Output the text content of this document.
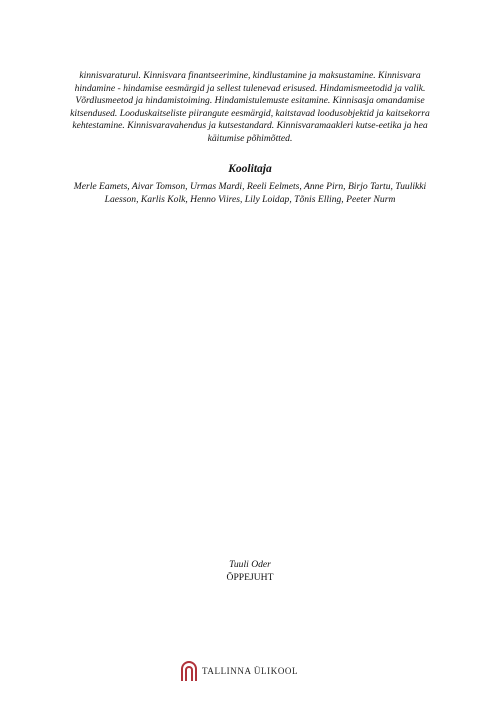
kinnisvaraturul. Kinnisvara finantseerimine, kindlustamine ja maksustamine. Kinnisvara
hindamine - hindamise eesmärgid ja sellest tulenevad erisused. Hindamismeetodid ja valik.
Võrdlusmeetod ja hindamistoiming. Hindamistulemuste esitamine. Kinnisasja omandamise
kitsendused. Looduskaitseliste piirangute eesmärgid, kaitstavad loodusobjektid ja kaitsekorra
kehtestamine. Kinnisvaravahendus ja kutsestandard. Kinnisvaramaakleri kutse-eetika ja hea
käitumise põhimõtted.
Koolitaja
Merle Eamets, Aivar Tomson, Urmas Mardi, Reeli Eelmets, Anne Pirn, Birjo Tartu, Tuulikki
Laesson, Karlis Kolk, Henno Viires, Lily Loidap, Tõnis Elling, Peeter Nurm
Tuuli Oder
ÕPPEJUHT
TALLINNA ÜLIKOOL
